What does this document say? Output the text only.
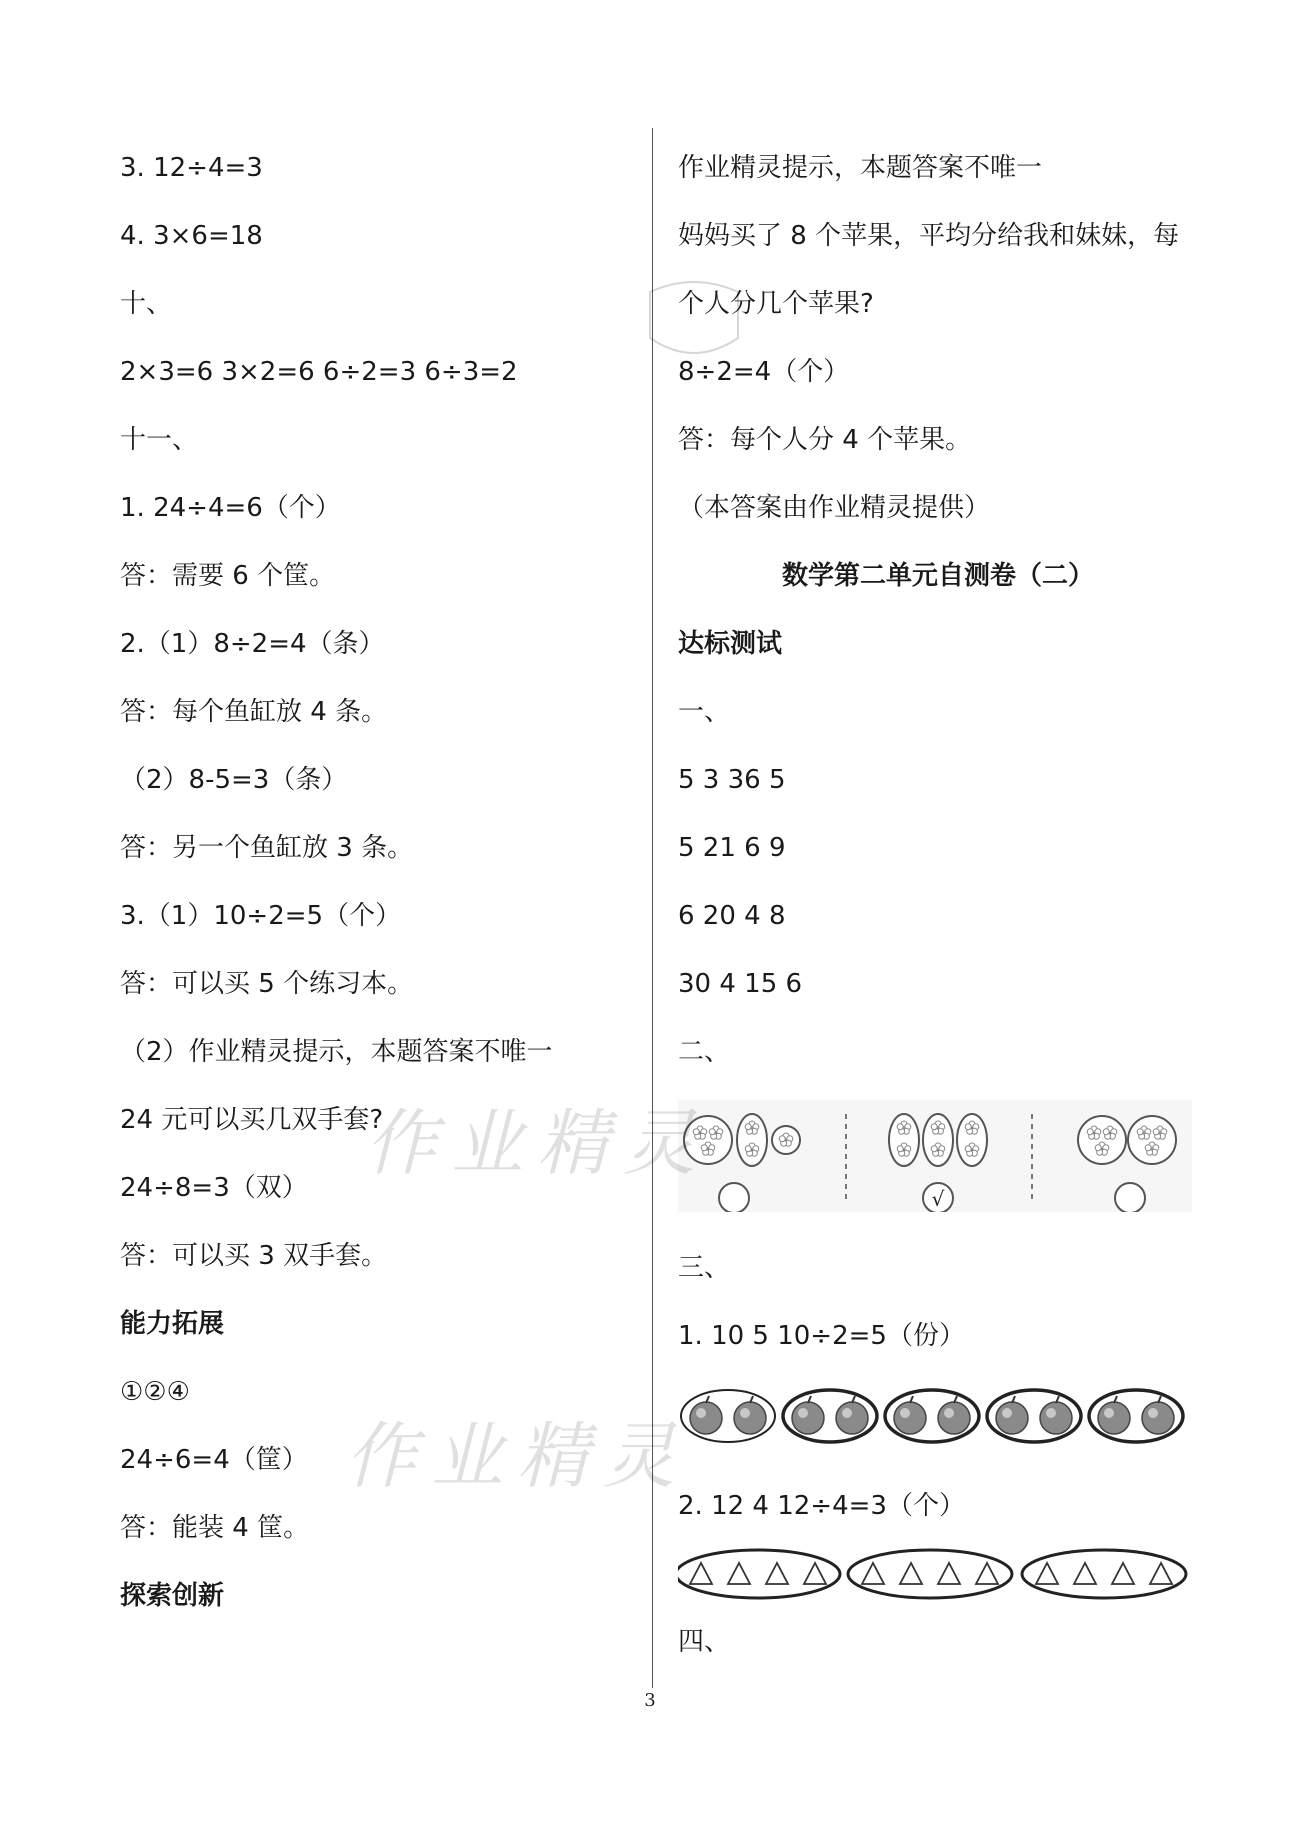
3. 12÷4=3
4. 3×6=18
十、
2×3=6 3×2=6 6÷2=3 6÷3=2
十一、
1. 24÷4=6（个）
答：需要 6 个筐。
2.（1）8÷2=4（条）
答：每个鱼缸放 4 条。
（2）8-5=3（条）
答：另一个鱼缸放 3 条。
3.（1）10÷2=5（个）
答：可以买 5 个练习本。
（2）作业精灵提示，本题答案不唯一
24 元可以买几双手套?
24÷8=3（双）
答：可以买 3 双手套。
能力拓展
①②④
24÷6=4（筐）
答：能装 4 筐。
探索创新
作业精灵提示，本题答案不唯一
妈妈买了 8 个苹果，平均分给我和妹妹，每
个人分几个苹果?
8÷2=4（个）
答：每个人分 4 个苹果。
（本答案由作业精灵提供）
数学第二单元自测卷（二）
达标测试
一、
5 3 36 5
5 21 6 9
6 20 4 8
30 4 15 6
二、
三、
1. 10 5 10÷2=5（份）
2. 12 4 12÷4=3（个）
四、
√
作业精灵
作业精灵
3
